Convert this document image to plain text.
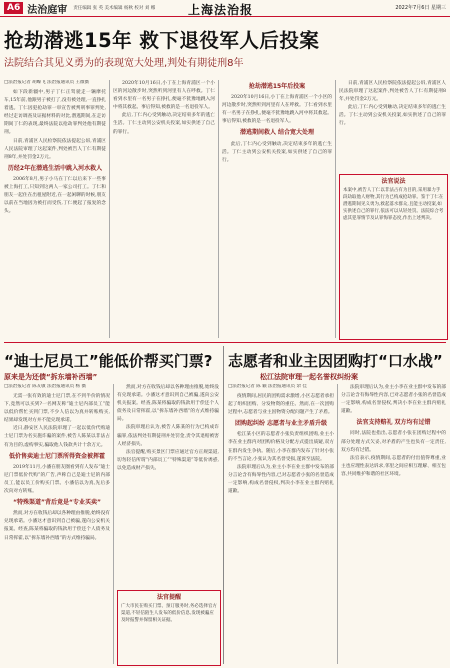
A6 法治庭审 责任编辑 张 英 美术编辑 杨秋 校对 刘 娜	上海法治报	2022年7月6日 星期三
抢劫潜逃15年 救下退役军人后投案
法院结合其见义勇为的表现宽大处理,判处有期徒刑8年
□法治报记者 胡蝶飞 法治报通讯员 王薇薇

如下段新疆中,男子丁仁正驾驶走一辆摩托车,15年前,他跟男子被打了,没有被处理,一直挣扎着逃。丁仁因犯抢劫罪一审宣告被判刑事罪判处,经过走访调查及证据材料的对比,潜逃期间,在走访期间丁仁的表现,最终法院以抢劫罪判处他有期徒刑。

日前,青浦区人民检察院依法提起公诉,青浦区人民法院审理了这起案件,判处被告人丁仁有期徒刑8年,并处罚金2万元。

历经2年在潜逃生活中跳入河水救人

2006年8月,男子小马在丁仁以后来下一些事被上海打工,只知到这两人一家公司打工。丁仁和朋友一起住在出租屋附近,在一起闲聊的时候,朋友以前在当地因为被打而受伤,丁仁便起了报复的念头。

2020年10月16日,小丁在上海青浦区一个小区的河边散步时,突然听到河里有人在呼救。丁仁看到水里有一名男子在挣扎,便毫不犹豫地跳入河中将其救起。事后得知,被救的是一名退役军人。

此后,丁仁内心受到触动,决定结束多年的逃亡生活。丁仁主动到公安机关投案,如实供述了自己的罪行。

抢劫潜逃15年后投案

2020年10月16日,小丁在上海青浦区一个小区的河边散步时,突然听到河里有人在呼救。丁仁看到水里有一名男子在挣扎,便毫不犹豫地跳入河中将其救起。事后得知,被救的是一名退役军人。

潜逃期间救人 结合宽大处理

此后,丁仁内心受到触动,决定结束多年的逃亡生活。丁仁主动到公安机关投案,如实供述了自己的罪行。

日前,青浦区人民检察院依法提起公诉,青浦区人民法院审理了这起案件,判处被告人丁仁有期徒刑8年,并处罚金2万元。

此后,丁仁内心受到触动,决定结束多年的逃亡生活。丁仁主动到公安机关投案,如实供述了自己的罪行。

法官说法
本案中,被告人丁仁以非法占有为目的,采用暴力手段劫取他人财物,其行为已构成抢劫罪。鉴于丁仁在潜逃期间见义勇为,救起落水群众,且能主动投案,如实供述自己的罪行,依法可以从轻处罚。法院综合考虑其犯罪情节及认罪悔罪态度,作出上述判决。
“迪士尼员工”能低价帮买门票?
原来是为还债“拆东墙补西墙”
□法治报记者 陈友敏 法治报通讯员 杨 薇

无需一张有效的迪士尼门票,在不到半价的情况下,竟然可以买到?一名网友称“迪士尼内部员工”能以低价帮忙买到门票,不少人信以为真并转账购买,结果却发现对方并不能兑现承诺。

近日,静安区人民法院审理了一起以低价代购迪士尼门票为名实施诈骗的案件,被告人陈某以非法占有为目的,虚构事实,骗取他人钱款共计十余万元。

低价售卖迪士尼门票所得资金被挥霍

2019年11月,小潘在朋友圈看到有人发布“迪士尼门票低价代购”的广告,声称自己是迪士尼的内部员工,能以员工价购买门票。小潘信以为真,先后多次向对方转账。

“特殊渠道”背后竟是“专业买卖”

然而,对方在收钱后却以各种理由推脱,始终没有兑现承诺。小潘这才意识到自己被骗,遂向公安机关报案。经查,陈某将骗取的钱款用于偿还个人债务及日常挥霍,以“拆东墙补西墙”的方式维持骗局。

然而,对方在收钱后却以各种理由推脱,始终没有兑现承诺。小潘这才意识到自己被骗,遂向公安机关报案。经查,陈某将骗取的钱款用于偿还个人债务及日常挥霍,以“拆东墙补西墙”的方式维持骗局。

法院审理后认为,被告人陈某的行为已构成诈骗罪,依法判处有期徒刑并处罚金,责令其退赔被害人经济损失。

法官提醒,购买景区门票应通过官方正规渠道,切勿轻信所谓“内部员工”“特殊渠道”等低价诱惑,以免造成财产损失。

法官提醒
广大市民在购买门票、预订服务时,务必选择官方渠道,不轻信陌生人发布的低价信息,发现被骗应及时报警并保留相关证据。
志愿者和业主因团购打“口水战”
松江法院审理一起名誉权纠纷案
□法治报记者 陈 颖 法治报通讯员 余 佳

疫情期间,居民的团购需求激增,小区志愿者承担起了组织团购、分发物资的重任。然而,在一次团购过程中,志愿者与业主因物资分配问题产生了矛盾。

团购起纠纷 志愿者与业主矛盾升级

松江某小区的志愿者小张负责组织团购,业主小李在业主群内对团购价格及分配方式提出质疑,双方在群内发生争执。随后,小李在群内发布了针对小张的不当言论,小张认为其名誉受损,遂诉至法院。

法院审理后认为,业主小李在业主群中发布的部分言论含有侮辱性内容,已对志愿者小张的名誉造成一定影响,构成名誉侵权,判决小李在业主群内赔礼道歉。

法院审理后认为,业主小李在业主群中发布的部分言论含有侮辱性内容,已对志愿者小张的名誉造成一定影响,构成名誉侵权,判决小李在业主群内赔礼道歉。

法官支持赔礼 双方均有过错

同时,法院也指出,志愿者小张在团购过程中的部分处理方式欠妥,对矛盾的产生也负有一定责任,双方均有过错。

法官表示,疫情期间,志愿者的付出值得尊重,业主也应理性表达诉求,邻里之间应相互理解、相互包容,共同维护和谐的社区环境。
